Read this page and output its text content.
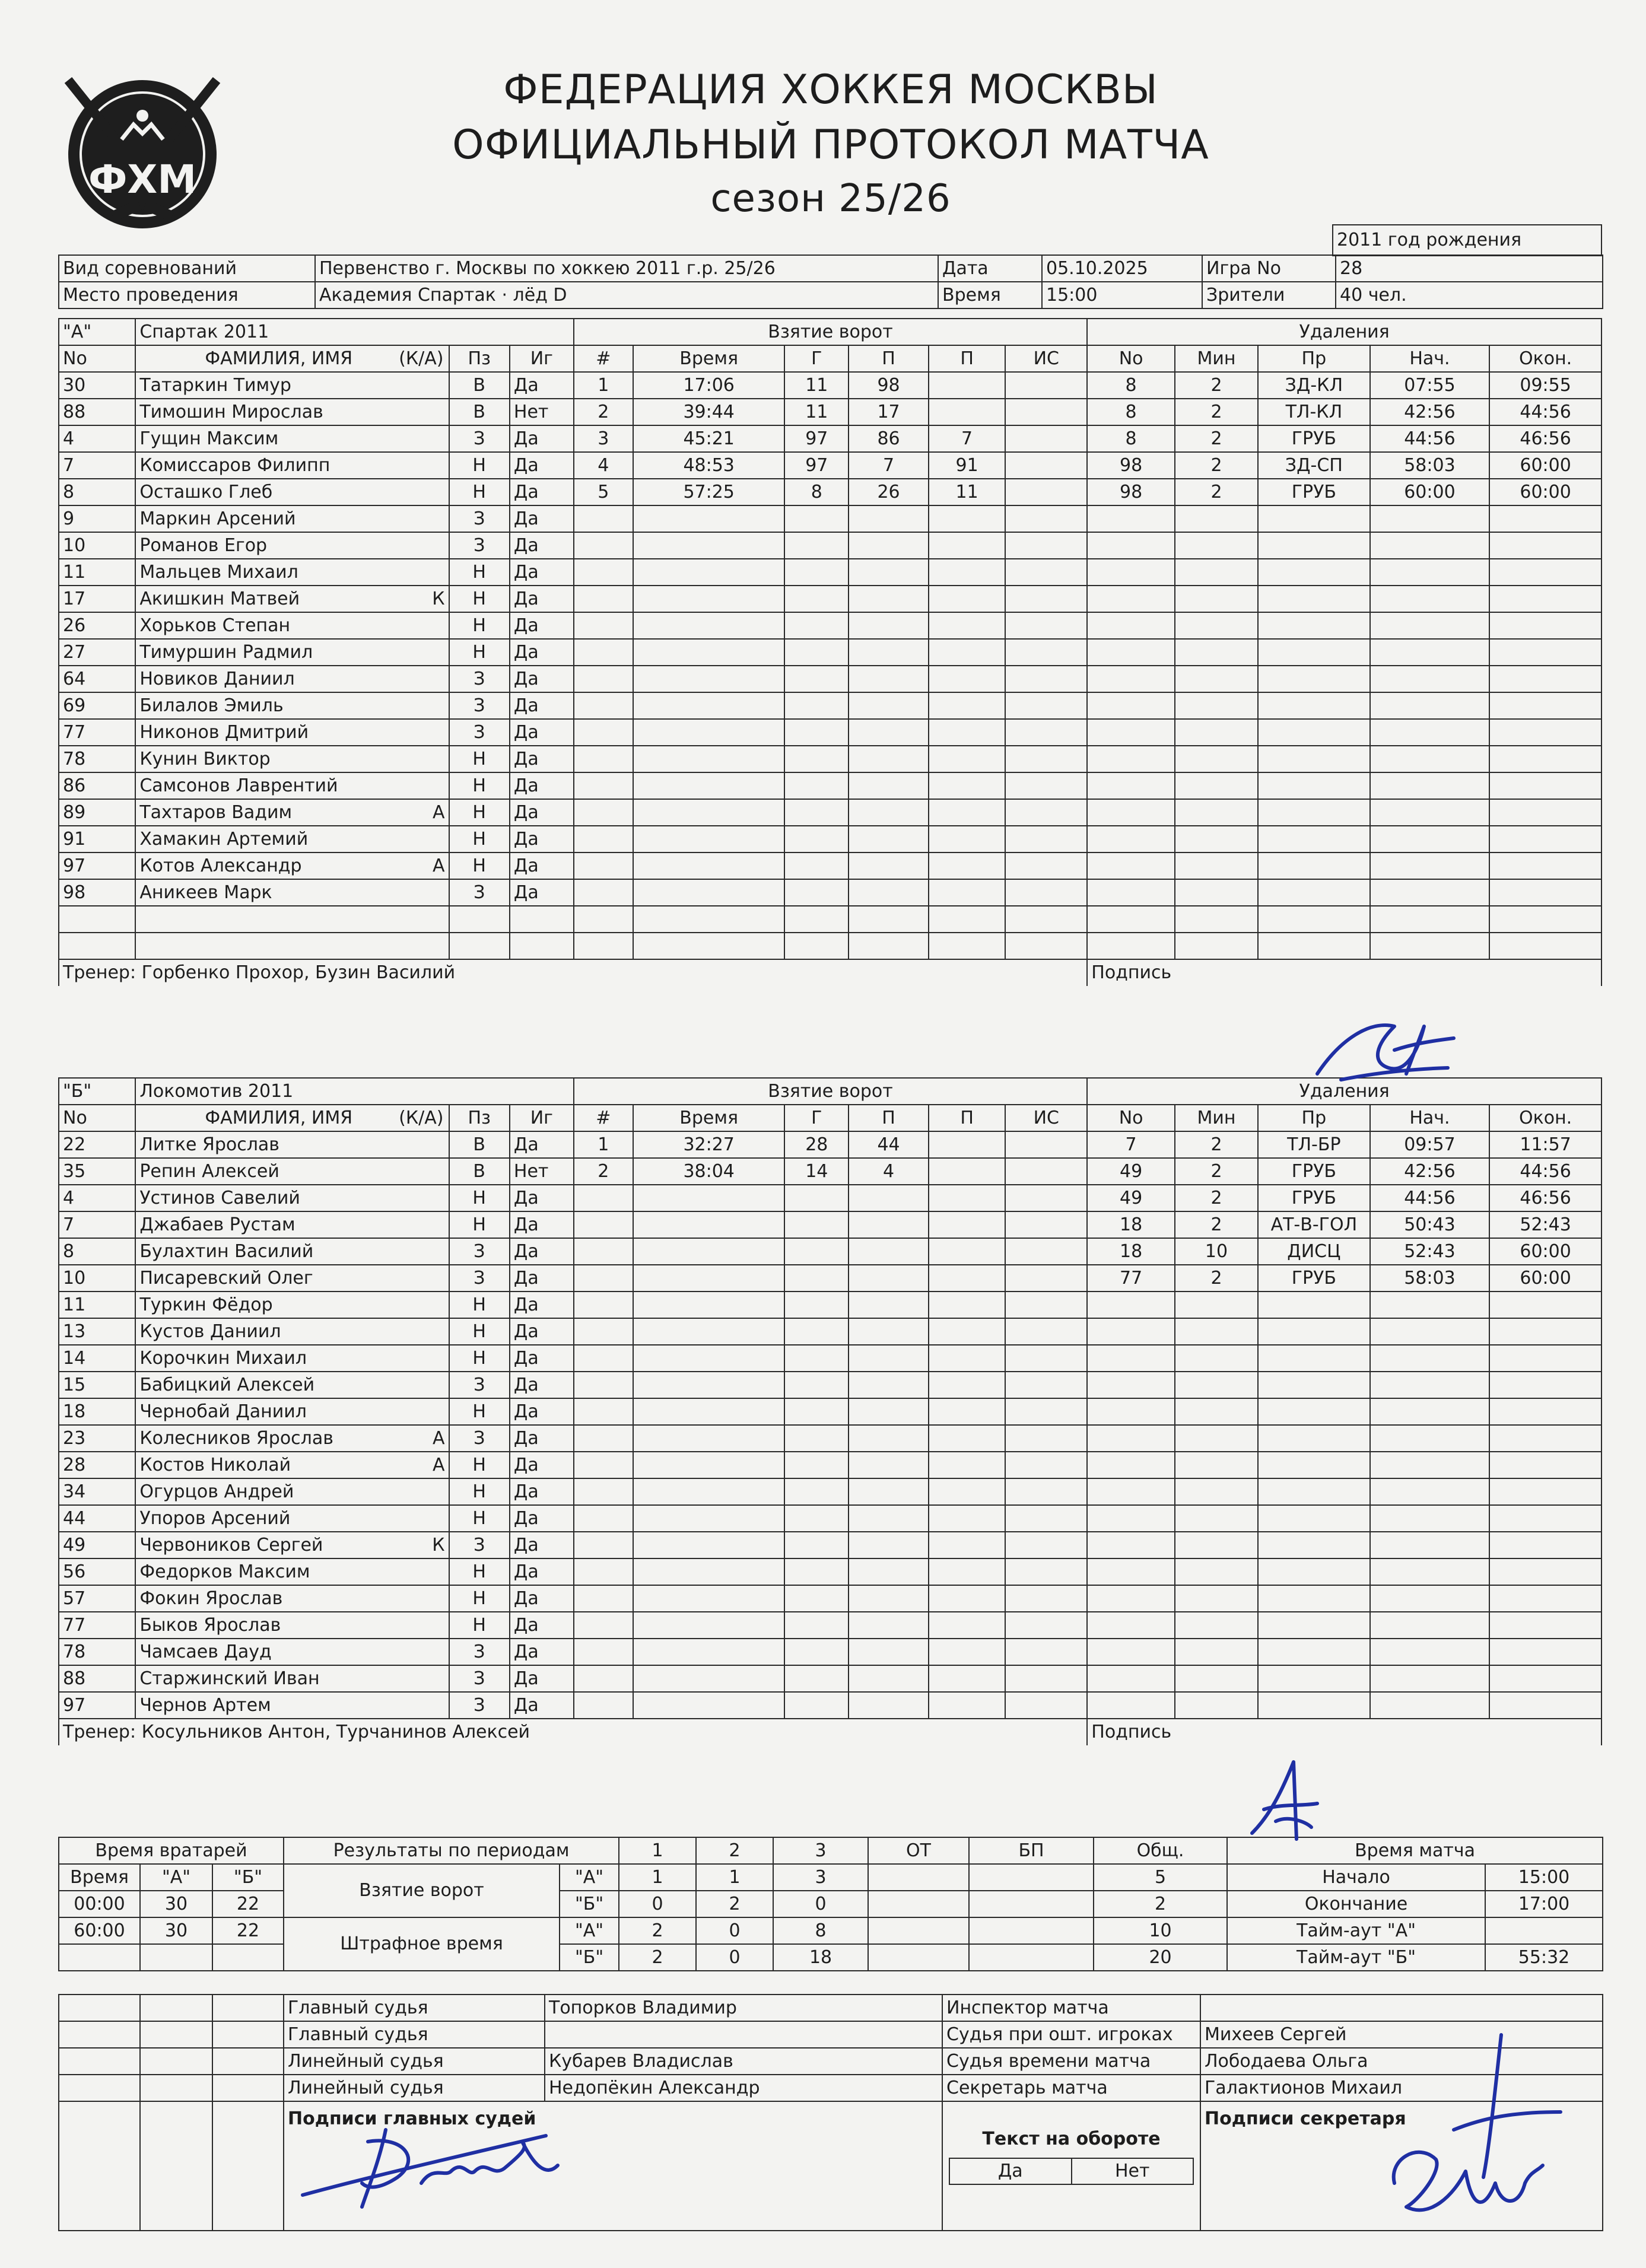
ФХМ
ФЕДЕРАЦИЯ ХОККЕЯ МОСКВЫ
ОФИЦИАЛЬНЫЙ ПРОТОКОЛ МАТЧА
сезон 25/26
2011 год рождения
Вид соревнований	Первенство г. Москвы по хоккею 2011 г.р. 25/26	Дата	05.10.2025	Игра No	28
Место проведения	Академия Спартак · лёд D	Время	15:00	Зрители	40 чел.
"А"	Спартак 2011				Взятие ворот						Удаления				
No	ФАМИЛИЯ, ИМЯ (К/А)		Пз	Иг	#	Время	Г	П	П	ИС	No	Мин	Пр	Нач.	Окон.
30	Татаркин Тимур		В	Да	1	17:06	11	98			8	2	ЗД-КЛ	07:55	09:55
88	Тимошин Мирослав		В	Нет	2	39:44	11	17			8	2	ТЛ-КЛ	42:56	44:56
4	Гущин Максим		З	Да	3	45:21	97	86	7		8	2	ГРУБ	44:56	46:56
7	Комиссаров Филипп		Н	Да	4	48:53	97	7	91		98	2	ЗД-СП	58:03	60:00
8	Осташко Глеб		Н	Да	5	57:25	8	26	11		98	2	ГРУБ	60:00	60:00
9	Маркин Арсений		З	Да											
10	Романов Егор		З	Да											
11	Мальцев Михаил		Н	Да											
17	Акишкин Матвей	К	Н	Да											
26	Хорьков Степан		Н	Да											
27	Тимуршин Радмил		Н	Да											
64	Новиков Даниил		З	Да											
69	Билалов Эмиль		З	Да											
77	Никонов Дмитрий		З	Да											
78	Кунин Виктор		Н	Да											
86	Самсонов Лаврентий		Н	Да											
89	Тахтаров Вадим	А	Н	Да											
91	Хамакин Артемий		Н	Да											
97	Котов Александр	А	Н	Да											
98	Аникеев Марк		З	Да											

Тренер: Горбенко Прохор, Бузин Василий											Подпись				
"Б"	Локомотив 2011				Взятие ворот						Удаления				
No	ФАМИЛИЯ, ИМЯ (К/А)		Пз	Иг	#	Время	Г	П	П	ИС	No	Мин	Пр	Нач.	Окон.
22	Литке Ярослав		В	Да	1	32:27	28	44			7	2	ТЛ-БР	09:57	11:57
35	Репин Алексей		В	Нет	2	38:04	14	4			49	2	ГРУБ	42:56	44:56
4	Устинов Савелий		Н	Да							49	2	ГРУБ	44:56	46:56
7	Джабаев Рустам		Н	Да							18	2	АТ-В-ГОЛ	50:43	52:43
8	Булахтин Василий		З	Да							18	10	ДИСЦ	52:43	60:00
10	Писаревский Олег		З	Да							77	2	ГРУБ	58:03	60:00
11	Туркин Фёдор		Н	Да											
13	Кустов Даниил		Н	Да											
14	Корочкин Михаил		Н	Да											
15	Бабицкий Алексей		З	Да											
18	Чернобай Даниил		Н	Да											
23	Колесников Ярослав	А	З	Да											
28	Костов Николай	А	Н	Да											
34	Огурцов Андрей		Н	Да											
44	Упоров Арсений		Н	Да											
49	Червоников Сергей	К	З	Да											
56	Федорков Максим		Н	Да											
57	Фокин Ярослав		Н	Да											
77	Быков Ярослав		Н	Да											
78	Чамсаев Дауд		З	Да											
88	Старжинский Иван		З	Да											
97	Чернов Артем		З	Да											
Тренер: Косульников Антон, Турчанинов Алексей											Подпись				
Время вратарей			Результаты по периодам		1	2	3	ОТ	БП	Общ.	Время матча	
Время	"А"	"Б"	Взятие ворот	"А"	1	1	3			5	Начало	15:00
00:00	30	22		"Б"	0	2	0			2	Окончание	17:00
60:00	30	22	Штрафное время	"А"	2	0	8			10	Тайм-аут "А"	
				"Б"	2	0	18			20	Тайм-аут "Б"	55:32
			Главный судья	Топорков Владимир	Инспектор матча	
			Главный судья		Судья при ошт. игроках	Михеев Сергей
			Линейный судья	Кубарев Владислав	Судья времени матча	Лободаева Ольга
			Линейный судья	Недопёкин Александр	Секретарь матча	Галактионов Михаил
			Подписи главных судей		Текст на обороте
Да Нет	Подписи секретаря
